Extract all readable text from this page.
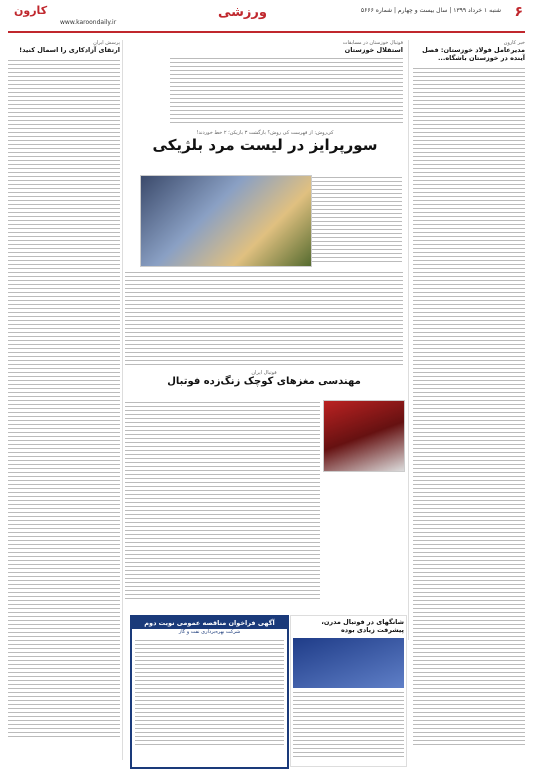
۶
شنبه ۱ خرداد ۱۳۹۹ | سال بیست و چهارم | شماره ۵۶۶۶
ورزشی
کارون
www.karoondaily.ir
خبر کارون
مدیرعامل فولاد خوزستان: فصل آینده در خوزستان باشگاه...
فوتبال خوزستان در مسابقات
استقلال خوزستان
کی‌روش: از فهرست کی روش؟ بازگشت ۳ بازیکن؛ ۲ خط خوردند!
سورپرایز در لیست مرد بلژیکی
فوتبال ایران
مهندسی مغزهای کوچک زنگ‌زده فوتبال
پرسش ایران
ارتقای آزادکاری را اسمال کنید!
شانگهای در فوتبال مدرن، پیشرفت زیادی بوده
آگهی فراخوان مناقصه عمومی نوبت دوم
شرکت بهره‌برداری نفت و گاز
